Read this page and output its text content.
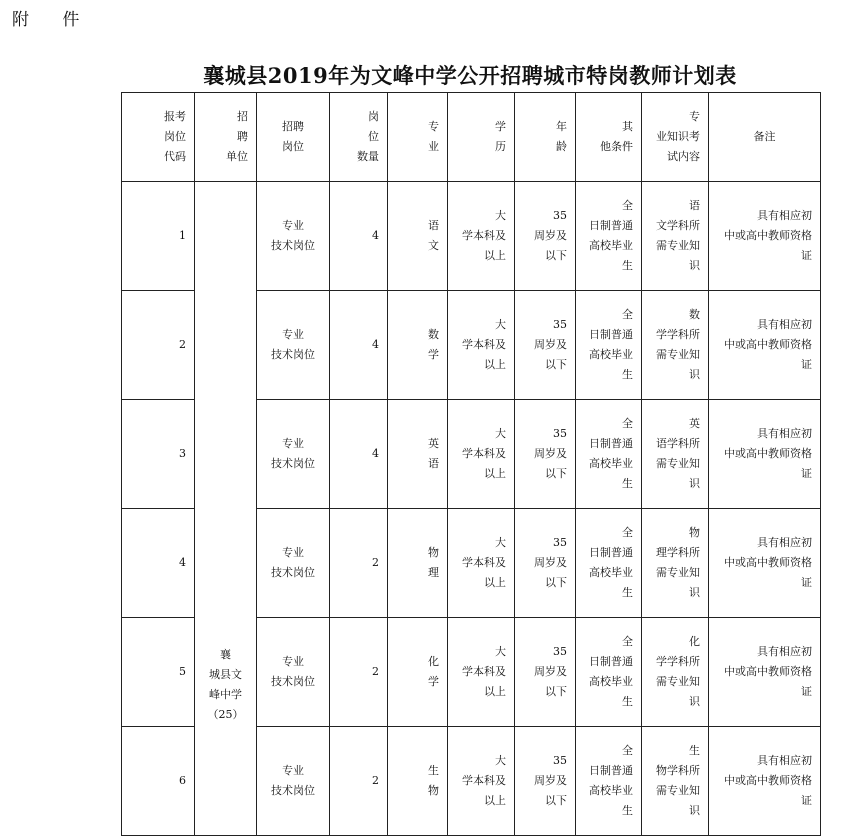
附 件
襄城县2019年为文峰中学公开招聘城市特岗教师计划表
报考
岗位
代码	招
聘
单位	招聘
岗位	岗
位
数量	专
业	学
历	年
龄	其
他条件	专
业知识考
试内容	备注
1	襄
城县文
峰中学
（25）	专业
技术岗位	4	语
文	大
学本科及
以上	35
周岁及
以下	全
日制普通
高校毕业
生	语
文学科所
需专业知
识	具有相应初
中或高中教师资格
证
2		专业
技术岗位	4	数
学	大
学本科及
以上	35
周岁及
以下	全
日制普通
高校毕业
生	数
学学科所
需专业知
识	具有相应初
中或高中教师资格
证
3		专业
技术岗位	4	英
语	大
学本科及
以上	35
周岁及
以下	全
日制普通
高校毕业
生	英
语学科所
需专业知
识	具有相应初
中或高中教师资格
证
4		专业
技术岗位	2	物
理	大
学本科及
以上	35
周岁及
以下	全
日制普通
高校毕业
生	物
理学科所
需专业知
识	具有相应初
中或高中教师资格
证
5		专业
技术岗位	2	化
学	大
学本科及
以上	35
周岁及
以下	全
日制普通
高校毕业
生	化
学学科所
需专业知
识	具有相应初
中或高中教师资格
证
6		专业
技术岗位	2	生
物	大
学本科及
以上	35
周岁及
以下	全
日制普通
高校毕业
生	生
物学科所
需专业知
识	具有相应初
中或高中教师资格
证
